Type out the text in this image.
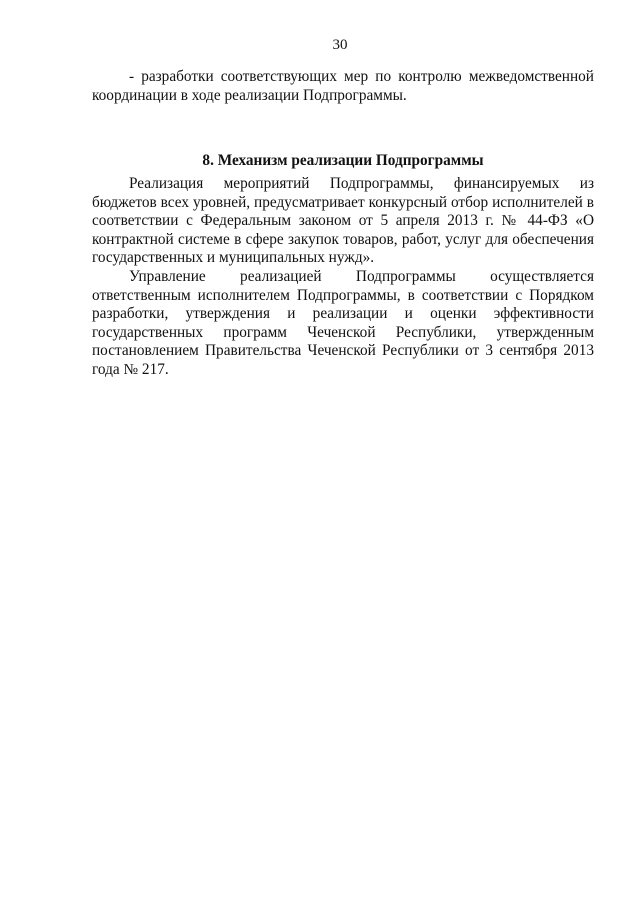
30

- разработки соответствующих мер по контролю межведомственной координации в ходе реализации Подпрограммы.

8. Механизм реализации Подпрограммы

Реализация мероприятий Подпрограммы, финансируемых из бюджетов всех уровней, предусматривает конкурсный отбор исполнителей в соответствии с Федеральным законом от 5 апреля 2013 г. № 44-ФЗ «О контрактной системе в сфере закупок товаров, работ, услуг для обеспечения государственных и муниципальных нужд».

Управление реализацией Подпрограммы осуществляется ответственным исполнителем Подпрограммы, в соответствии с Порядком разработки, утверждения и реализации и оценки эффективности государственных программ Чеченской Республики, утвержденным постановлением Правительства Чеченской Республики от 3 сентября 2013 года № 217.
